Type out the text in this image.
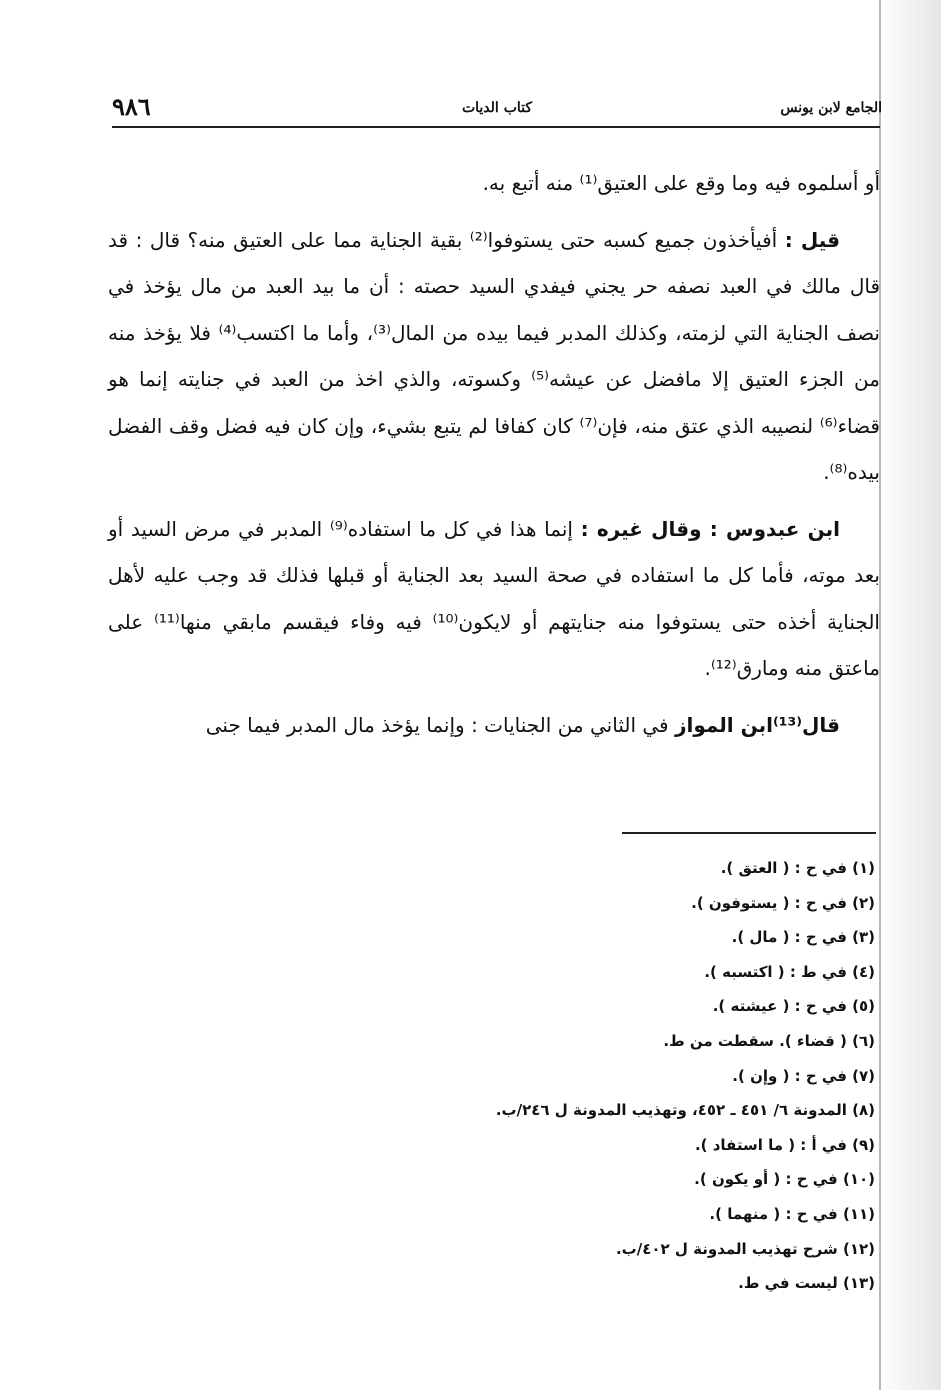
الجامع لابن يونس
كتاب الديات
٩٨٦

أو أسلموه فيه وما وقع على العتيق⁽¹⁾ منه أتبع به.

قيل : أفيأخذون جميع كسبه حتى يستوفوا⁽²⁾ بقية الجناية مما على العتيق منه؟ قال : قد قال مالك في العبد نصفه حر يجني فيفدي السيد حصته : أن ما بيد العبد من مال يؤخذ في نصف الجناية التي لزمته، وكذلك المدبر فيما بيده من المال⁽³⁾، وأما ما اكتسب⁽⁴⁾ فلا يؤخذ منه من الجزء العتيق إلا مافضل عن عيشه⁽⁵⁾ وكسوته، والذي اخذ من العبد في جنايته إنما هو قضاء⁽⁶⁾ لنصيبه الذي عتق منه، فإن⁽⁷⁾ كان كفافا لم يتبع بشيء، وإن كان فيه فضل وقف الفضل بيده⁽⁸⁾.

ابن عبدوس : وقال غيره : إنما هذا في كل ما استفاده⁽⁹⁾ المدبر في مرض السيد أو بعد موته، فأما كل ما استفاده في صحة السيد بعد الجناية أو قبلها فذلك قد وجب عليه لأهل الجناية أخذه حتى يستوفوا منه جنايتهم أو لايكون⁽¹⁰⁾ فيه وفاء فيقسم مابقي منها⁽¹¹⁾ على ماعتق منه ومارق⁽¹²⁾.

قال⁽¹³⁾ابن المواز في الثاني من الجنايات : وإنما يؤخذ مال المدبر فيما جنى

(١) في ح : ( العتق ).
(٢) في ح : ( يستوفون ).
(٣) في ح : ( مال ).
(٤) في ط : ( اكتسبه ).
(٥) في ح : ( عيشته ).
(٦) ( قضاء ). سقطت من ط.
(٧) في ح : ( وإن ).
(٨) المدونة ٦/ ٤٥١ ـ ٤٥٢، وتهذيب المدونة ل ٢٤٦/ب.
(٩) في أ : ( ما استفاد ).
(١٠) في ح : ( أو يكون ).
(١١) في ح : ( منهما ).
(١٢) شرح تهذيب المدونة ل ٤٠٢/ب.
(١٣) ليست في ط.
